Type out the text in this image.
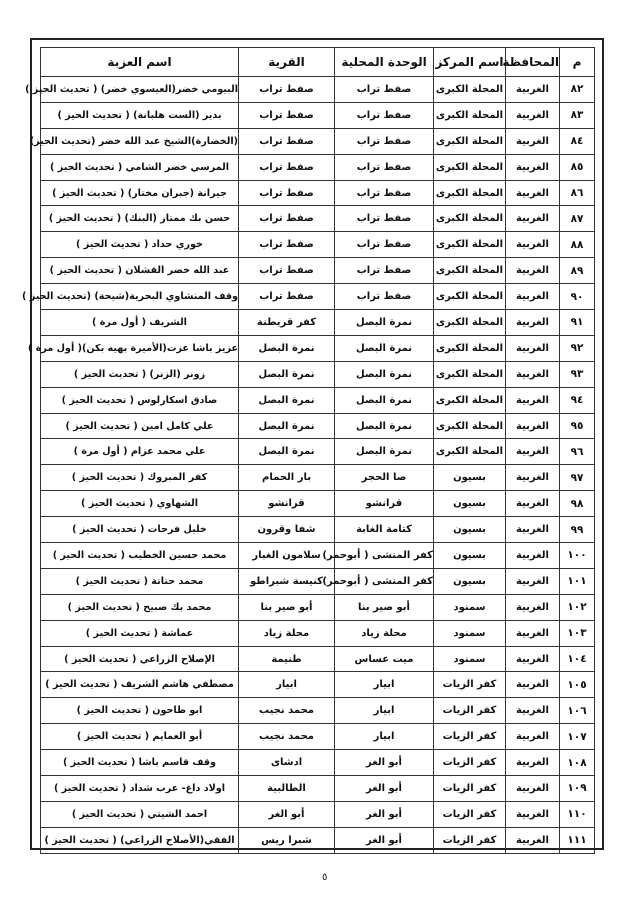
م	المحافظة	اسم المركز	الوحدة المحلية	القرية	اسم العزبة
٨٢	الغربية	المحلة الكبرى	صفط تراب	صفط تراب	البيومي خضر(العيسوي خضر) ( تحديث الحيز )
٨٣	الغربية	المحلة الكبرى	صفط تراب	صفط تراب	بدير (الست هلبانة) ( تحديث الحيز )
٨٤	الغربية	المحلة الكبرى	صفط تراب	صفط تراب	(الخضارة)الشيخ عبد الله خضر (تحديث الحيز)
٨٥	الغربية	المحلة الكبرى	صفط تراب	صفط تراب	المرسي خضر الشامي ( تحديث الحيز )
٨٦	الغربية	المحلة الكبرى	صفط تراب	صفط تراب	جيرانة (جبران مختار) ( تحديث الحيز )
٨٧	الغربية	المحلة الكبرى	صفط تراب	صفط تراب	حسن بك ممتاز (البنك) ( تحديث الحيز )
٨٨	الغربية	المحلة الكبرى	صفط تراب	صفط تراب	خوري حداد ( تحديث الحيز )
٨٩	الغربية	المحلة الكبرى	صفط تراب	صفط تراب	عبد الله خضر القشلان ( تحديث الحيز )
٩٠	الغربية	المحلة الكبرى	صفط تراب	صفط تراب	وقف المنشاوي البحرية(شيحة) (تحديث الحيز )
٩١	الغربية	المحلة الكبرى	نمرة البصل	كفر قريطنة	الشريف ( أول مرة )
٩٢	الغربية	المحلة الكبرى	نمرة البصل	نمرة البصل	عزيز باشا عزت(الأميرة بهيه بكن)( أول مرة )
٩٣	الغربية	المحلة الكبرى	نمرة البصل	نمرة البصل	زونر (الزنر) ( تحديث الحيز )
٩٤	الغربية	المحلة الكبرى	نمرة البصل	نمرة البصل	صادق اسكارلوس ( تحديث الحيز )
٩٥	الغربية	المحلة الكبرى	نمرة البصل	نمرة البصل	علي كامل امين ( تحديث الحيز )
٩٦	الغربية	المحلة الكبرى	نمرة البصل	نمرة البصل	علي محمد عزام ( أول مرة )
٩٧	الغربية	بسيون	صا الحجر	بار الحمام	كفر المبروك ( تحديث الحيز )
٩٨	الغربية	بسيون	قرانشو	قرانشو	الشهاوي ( تحديث الحيز )
٩٩	الغربية	بسيون	كتامة الغابة	شفا وقرون	خليل فرحات ( تحديث الحيز )
١٠٠	الغربية	بسيون	كفر المنشى ( أبوحمر)	سلامون الغبار	محمد حسين الخطيب ( تحديث الحيز )
١٠١	الغربية	بسيون	كفر المنشى ( أبوحمر)	كنيسة شبراطو	محمد حتاتة ( تحديث الحيز )
١٠٢	الغربية	سمنود	أبو صير بنا	أبو صير بنا	محمد بك صبيح ( تحديث الحيز )
١٠٣	الغربية	سمنود	محلة زياد	محلة زياد	عماشة ( تحديث الحيز )
١٠٤	الغربية	سمنود	ميت عساس	طنيمة	الإصلاح الزراعي ( تحديث الحيز )
١٠٥	الغربية	كفر الزيات	ابيار	ابيار	مصطفي هاشم الشريف ( تحديث الحيز )
١٠٦	الغربية	كفر الزيات	ابيار	محمد نجيب	ابو طاحون ( تحديث الحيز )
١٠٧	الغربية	كفر الزيات	ابيار	محمد نجيب	أبو العمايم ( تحديث الحيز )
١٠٨	الغربية	كفر الزيات	أبو الغر	ادشاى	وقف قاسم باشا ( تحديث الحيز )
١٠٩	الغربية	كفر الزيات	أبو الغر	الطالبية	اولاد داغ- عرب شداد ( تحديث الحيز )
١١٠	الغربية	كفر الزيات	أبو الغر	أبو الغر	احمد الشيتي ( تحديث الحيز )
١١١	الغربية	كفر الزيات	أبو الغر	شبرا ريس	الفقي(الأصلاح الزراعي) ( تحديث الحيز )
٥
